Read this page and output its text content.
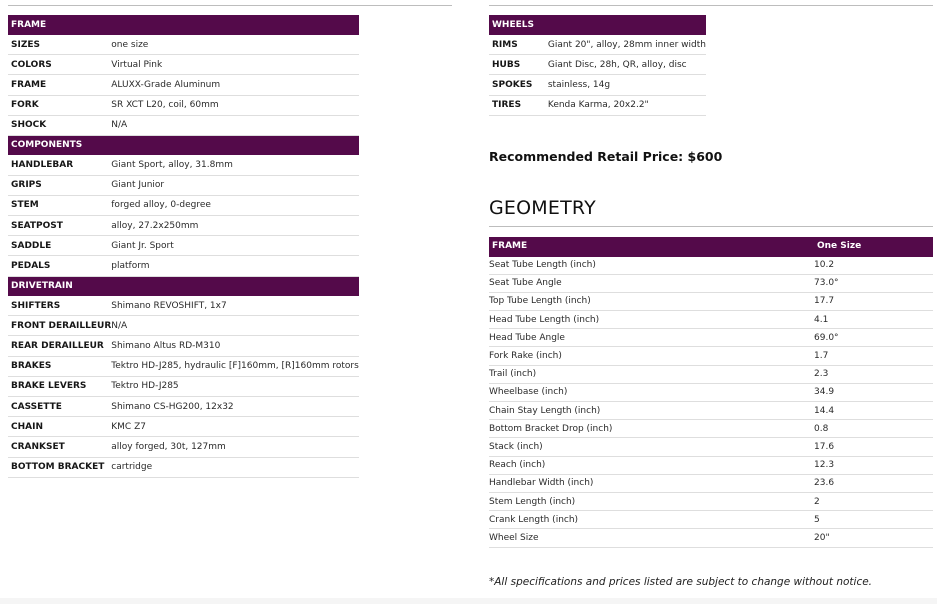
FRAME	
SIZES	one size
COLORS	Virtual Pink
FRAME	ALUXX-Grade Aluminum
FORK	SR XCT L20, coil, 60mm
SHOCK	N/A
COMPONENTS	
HANDLEBAR	Giant Sport, alloy, 31.8mm
GRIPS	Giant Junior
STEM	forged alloy, 0-degree
SEATPOST	alloy, 27.2x250mm
SADDLE	Giant Jr. Sport
PEDALS	platform
DRIVETRAIN	
SHIFTERS	Shimano REVOSHIFT, 1x7
FRONT DERAILLEUR	N/A
REAR DERAILLEUR	Shimano Altus RD-M310
BRAKES	Tektro HD-J285, hydraulic [F]160mm, [R]160mm rotors
BRAKE LEVERS	Tektro HD-J285
CASSETTE	Shimano CS-HG200, 12x32
CHAIN	KMC Z7
CRANKSET	alloy forged, 30t, 127mm
BOTTOM BRACKET	cartridge
WHEELS	
RIMS	Giant 20", alloy, 28mm inner width
HUBS	Giant Disc, 28h, QR, alloy, disc
SPOKES	stainless, 14g
TIRES	Kenda Karma, 20x2.2"
Recommended Retail Price: $600
GEOMETRY
FRAME	One Size
Seat Tube Length (inch)	10.2
Seat Tube Angle	73.0°
Top Tube Length (inch)	17.7
Head Tube Length (inch)	4.1
Head Tube Angle	69.0°
Fork Rake (inch)	1.7
Trail (inch)	2.3
Wheelbase (inch)	34.9
Chain Stay Length (inch)	14.4
Bottom Bracket Drop (inch)	0.8
Stack (inch)	17.6
Reach (inch)	12.3
Handlebar Width (inch)	23.6
Stem Length (inch)	2
Crank Length (inch)	5
Wheel Size	20"
*All specifications and prices listed are subject to change without notice.
